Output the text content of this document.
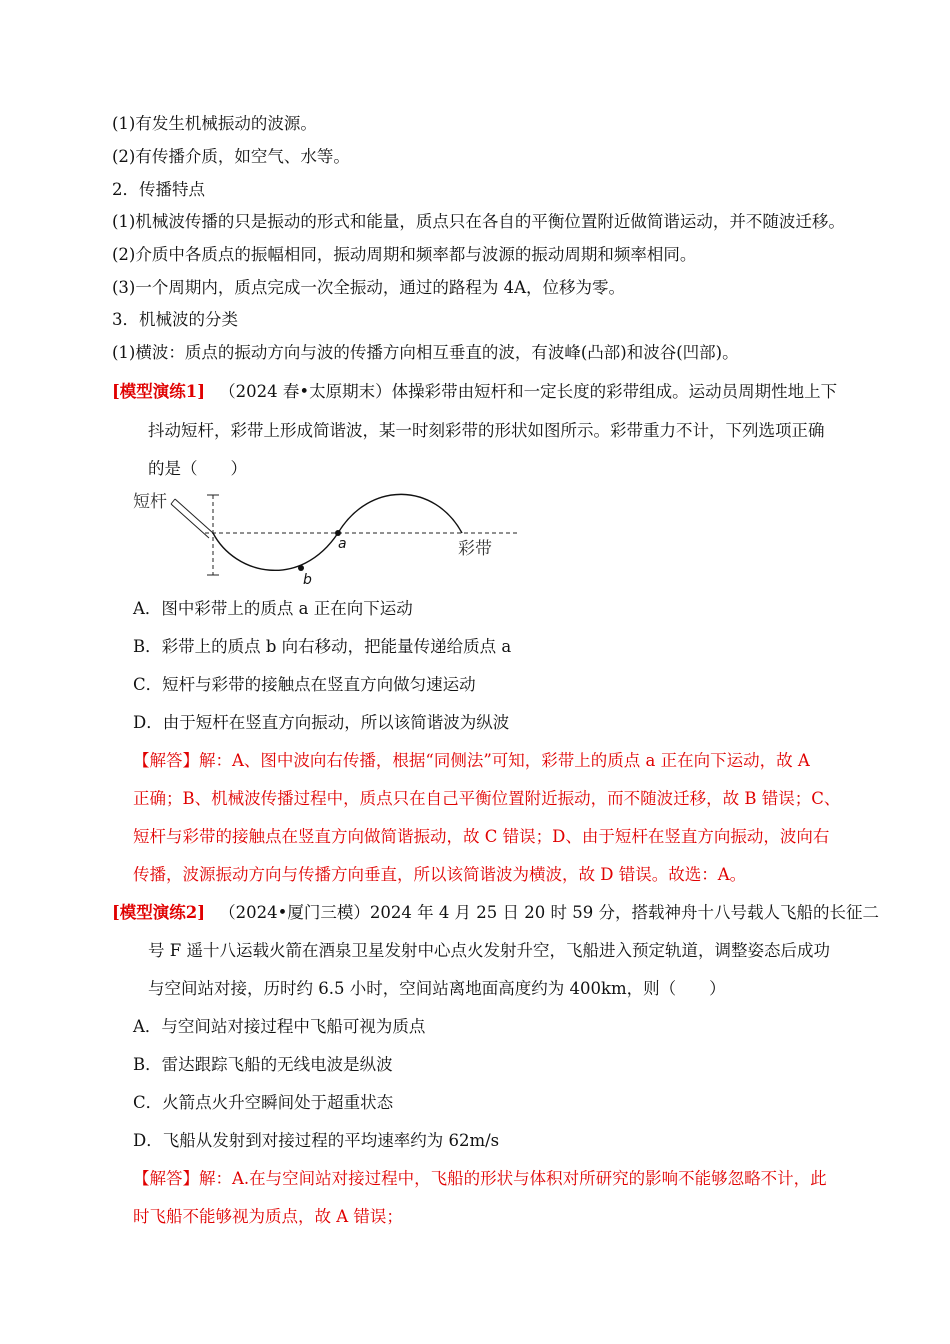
(1)有发生机械振动的波源。
(2)有传播介质，如空气、水等。
2．传播特点
(1)机械波传播的只是振动的形式和能量，质点只在各自的平衡位置附近做简谐运动，并不随波迁移。
(2)介质中各质点的振幅相同，振动周期和频率都与波源的振动周期和频率相同。
(3)一个周期内，质点完成一次全振动，通过的路程为 4A，位移为零。
3．机械波的分类
(1)横波：质点的振动方向与波的传播方向相互垂直的波，有波峰(凸部)和波谷(凹部)。
[模型演练1] （2024 春•太原期末）体操彩带由短杆和一定长度的彩带组成。运动员周期性地上下
抖动短杆，彩带上形成简谐波，某一时刻彩带的形状如图所示。彩带重力不计，下列选项正确
的是（　　）
a
b
短杆
彩带
A．图中彩带上的质点 a 正在向下运动
B．彩带上的质点 b 向右移动，把能量传递给质点 a
C．短杆与彩带的接触点在竖直方向做匀速运动
D．由于短杆在竖直方向振动，所以该简谐波为纵波
【解答】解：A、图中波向右传播，根据“同侧法”可知，彩带上的质点 a 正在向下运动，故 A
正确；B、机械波传播过程中，质点只在自己平衡位置附近振动，而不随波迁移，故 B 错误；C、
短杆与彩带的接触点在竖直方向做简谐振动，故 C 错误；D、由于短杆在竖直方向振动，波向右
传播，波源振动方向与传播方向垂直，所以该简谐波为横波，故 D 错误。故选：A。
[模型演练2] （2024•厦门三模）2024 年 4 月 25 日 20 时 59 分，搭载神舟十八号载人飞船的长征二
号 F 遥十八运载火箭在酒泉卫星发射中心点火发射升空，飞船进入预定轨道，调整姿态后成功
与空间站对接，历时约 6.5 小时，空间站离地面高度约为 400km，则（　　）
A．与空间站对接过程中飞船可视为质点
B．雷达跟踪飞船的无线电波是纵波
C．火箭点火升空瞬间处于超重状态
D．飞船从发射到对接过程的平均速率约为 62m/s
【解答】解：A.在与空间站对接过程中，飞船的形状与体积对所研究的影响不能够忽略不计，此
时飞船不能够视为质点，故 A 错误；
